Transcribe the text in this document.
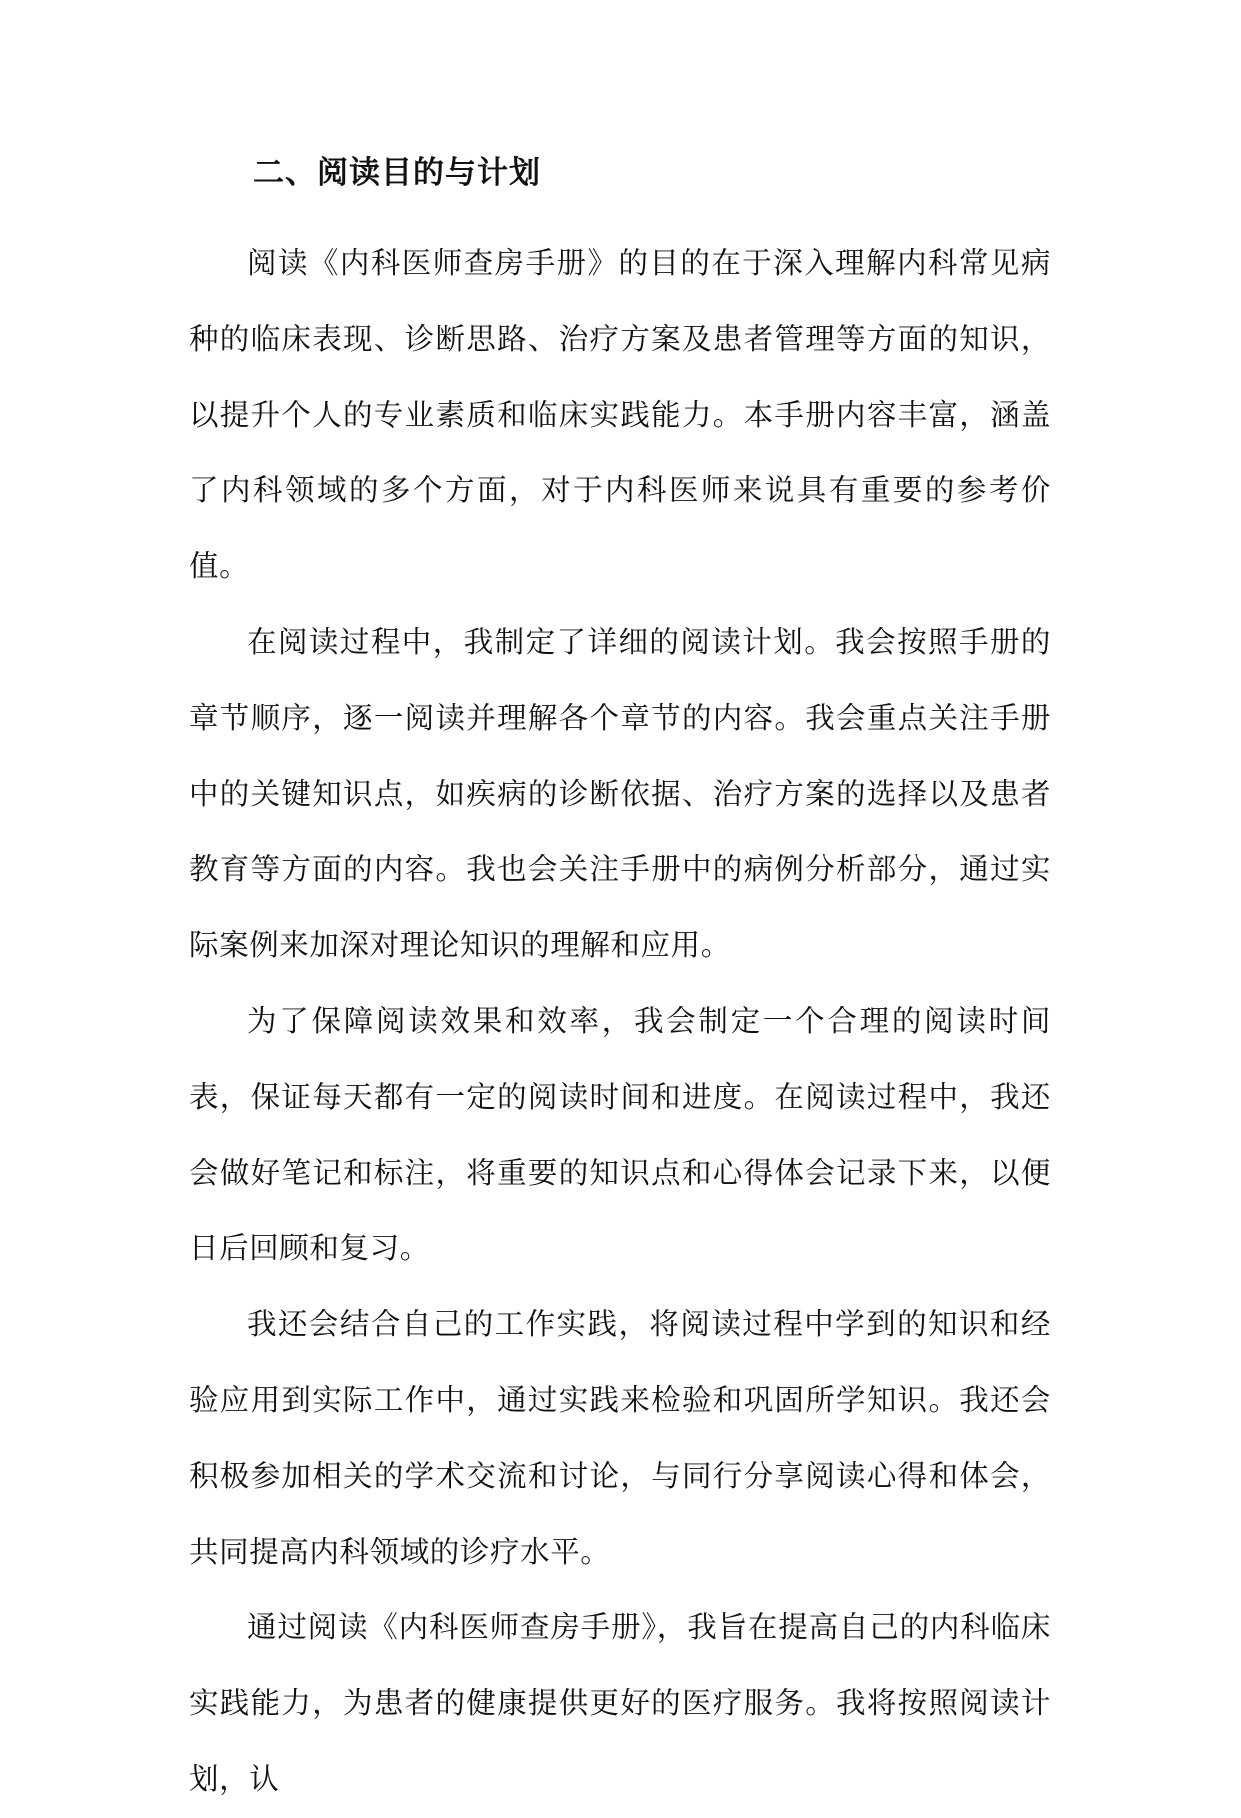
二、阅读目的与计划

阅读《内科医师查房手册》的目的在于深入理解内科常见病种的临床表现、诊断思路、治疗方案及患者管理等方面的知识，以提升个人的专业素质和临床实践能力。本手册内容丰富，涵盖了内科领域的多个方面，对于内科医师来说具有重要的参考价值。

在阅读过程中，我制定了详细的阅读计划。我会按照手册的章节顺序，逐一阅读并理解各个章节的内容。我会重点关注手册中的关键知识点，如疾病的诊断依据、治疗方案的选择以及患者教育等方面的内容。我也会关注手册中的病例分析部分，通过实际案例来加深对理论知识的理解和应用。

为了保障阅读效果和效率，我会制定一个合理的阅读时间表，保证每天都有一定的阅读时间和进度。在阅读过程中，我还会做好笔记和标注，将重要的知识点和心得体会记录下来，以便日后回顾和复习。

我还会结合自己的工作实践，将阅读过程中学到的知识和经验应用到实际工作中，通过实践来检验和巩固所学知识。我还会积极参加相关的学术交流和讨论，与同行分享阅读心得和体会，共同提高内科领域的诊疗水平。

通过阅读《内科医师查房手册》，我旨在提高自己的内科临床实践能力，为患者的健康提供更好的医疗服务。我将按照阅读计划，认
